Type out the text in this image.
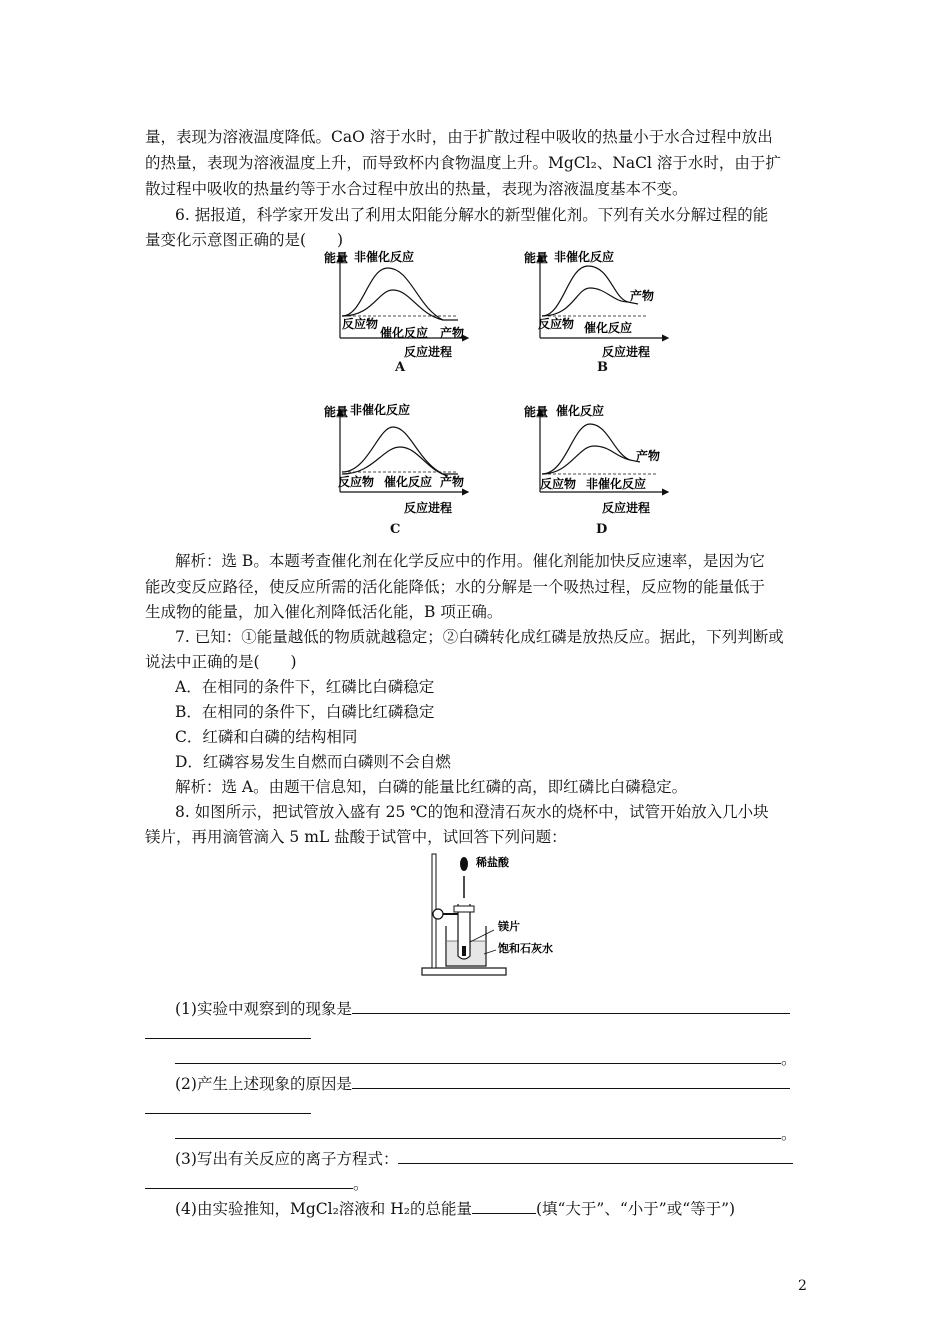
量，表现为溶液温度降低。CaO 溶于水时，由于扩散过程中吸收的热量小于水合过程中放出
的热量，表现为溶液温度上升，而导致杯内食物温度上升。MgCl₂、NaCl 溶于水时，由于扩
散过程中吸收的热量约等于水合过程中放出的热量，表现为溶液温度基本不变。
6. 据报道，科学家开发出了利用太阳能分解水的新型催化剂。下列有关水分解过程的能
量变化示意图正确的是(　　)
能量 非催化反应
反应物
催化反应 产物
反应进程
A
能量 非催化反应
产物
反应物 催化反应
反应进程
B
能量 非催化反应
反应物 催化反应 产物
反应进程
C
能量 催化反应
产物
反应物 非催化反应
反应进程
D
解析：选 B。本题考查催化剂在化学反应中的作用。催化剂能加快反应速率，是因为它
能改变反应路径，使反应所需的活化能降低；水的分解是一个吸热过程，反应物的能量低于
生成物的能量，加入催化剂降低活化能，B 项正确。
7. 已知：①能量越低的物质就越稳定；②白磷转化成红磷是放热反应。据此，下列判断或
说法中正确的是(　　)
A．在相同的条件下，红磷比白磷稳定
B．在相同的条件下，白磷比红磷稳定
C．红磷和白磷的结构相同
D．红磷容易发生自燃而白磷则不会自燃
解析：选 A。由题干信息知，白磷的能量比红磷的高，即红磷比白磷稳定。
8. 如图所示，把试管放入盛有 25 ℃的饱和澄清石灰水的烧杯中，试管开始放入几小块
镁片，再用滴管滴入 5 mL 盐酸于试管中，试回答下列问题：
稀盐酸
镁片
饱和石灰水
(1)实验中观察到的现象是
。
(2)产生上述现象的原因是
。
(3)写出有关反应的离子方程式：
。
(4)由实验推知，MgCl₂溶液和 H₂的总能量	(填“大于”、“小于”或“等于”)
2
